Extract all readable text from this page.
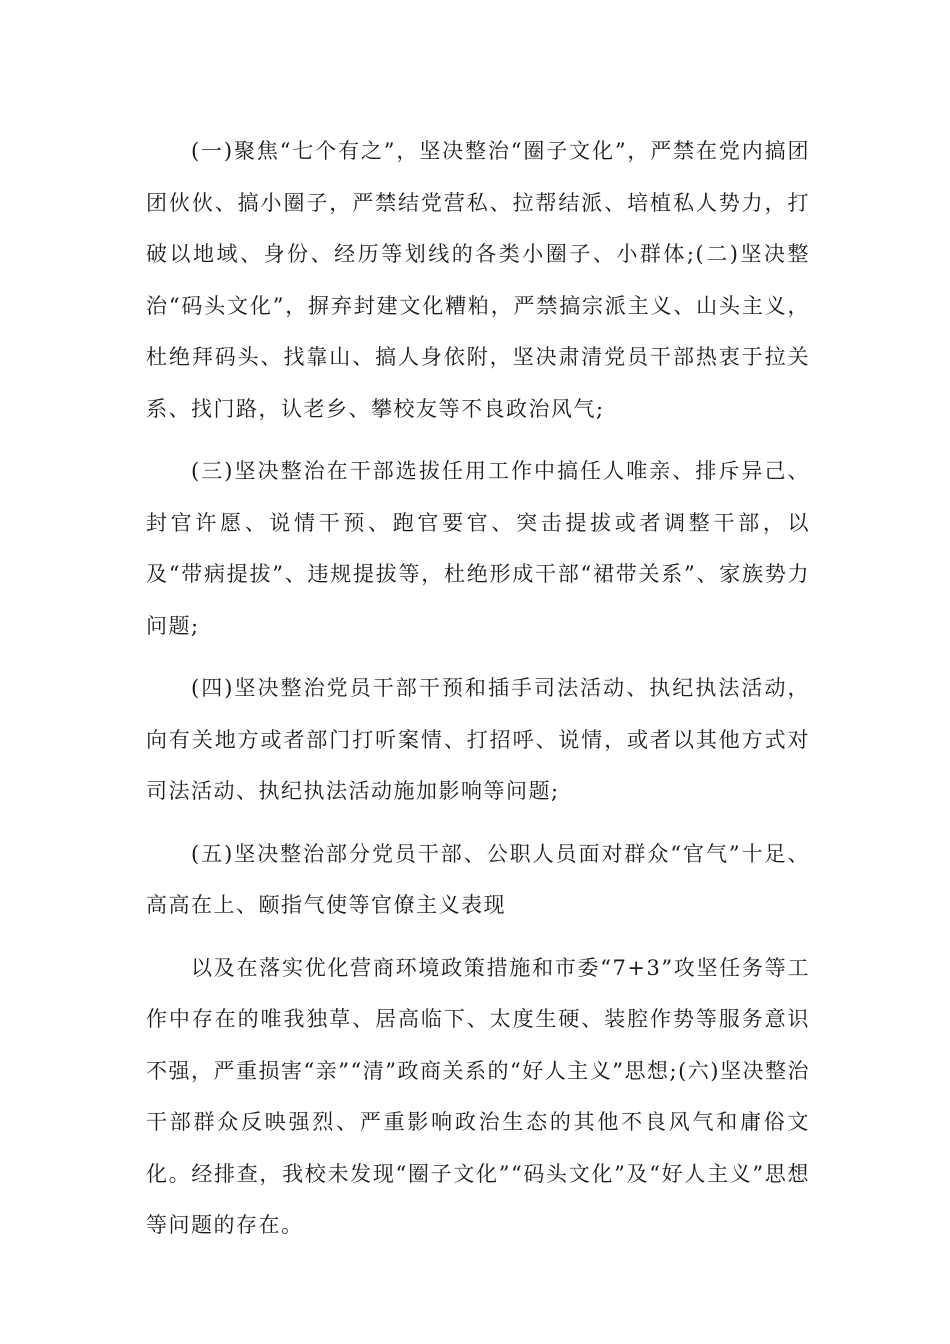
(一)聚焦“七个有之”，坚决整治“圈子文化”，严禁在党内搞团团伙伙、搞小圈子，严禁结党营私、拉帮结派、培植私人势力，打破以地域、身份、经历等划线的各类小圈子、小群体;(二)坚决整治“码头文化”，摒弃封建文化糟粕，严禁搞宗派主义、山头主义，杜绝拜码头、找靠山、搞人身依附，坚决肃清党员干部热衷于拉关系、找门路，认老乡、攀校友等不良政治风气;

(三)坚决整治在干部选拔任用工作中搞任人唯亲、排斥异己、封官许愿、说情干预、跑官要官、突击提拔或者调整干部，以及“带病提拔”、违规提拔等，杜绝形成干部“裙带关系”、家族势力问题;

(四)坚决整治党员干部干预和插手司法活动、执纪执法活动，向有关地方或者部门打听案情、打招呼、说情，或者以其他方式对司法活动、执纪执法活动施加影响等问题;

(五)坚决整治部分党员干部、公职人员面对群众“官气”十足、高高在上、颐指气使等官僚主义表现

以及在落实优化营商环境政策措施和市委“7+3”攻坚任务等工作中存在的唯我独草、居高临下、太度生硬、装腔作势等服务意识不强，严重损害“亲”“清”政商关系的“好人主义”思想;(六)坚决整治干部群众反映强烈、严重影响政治生态的其他不良风气和庸俗文化。经排查，我校未发现“圈子文化”“码头文化”及“好人主义”思想等问题的存在。
